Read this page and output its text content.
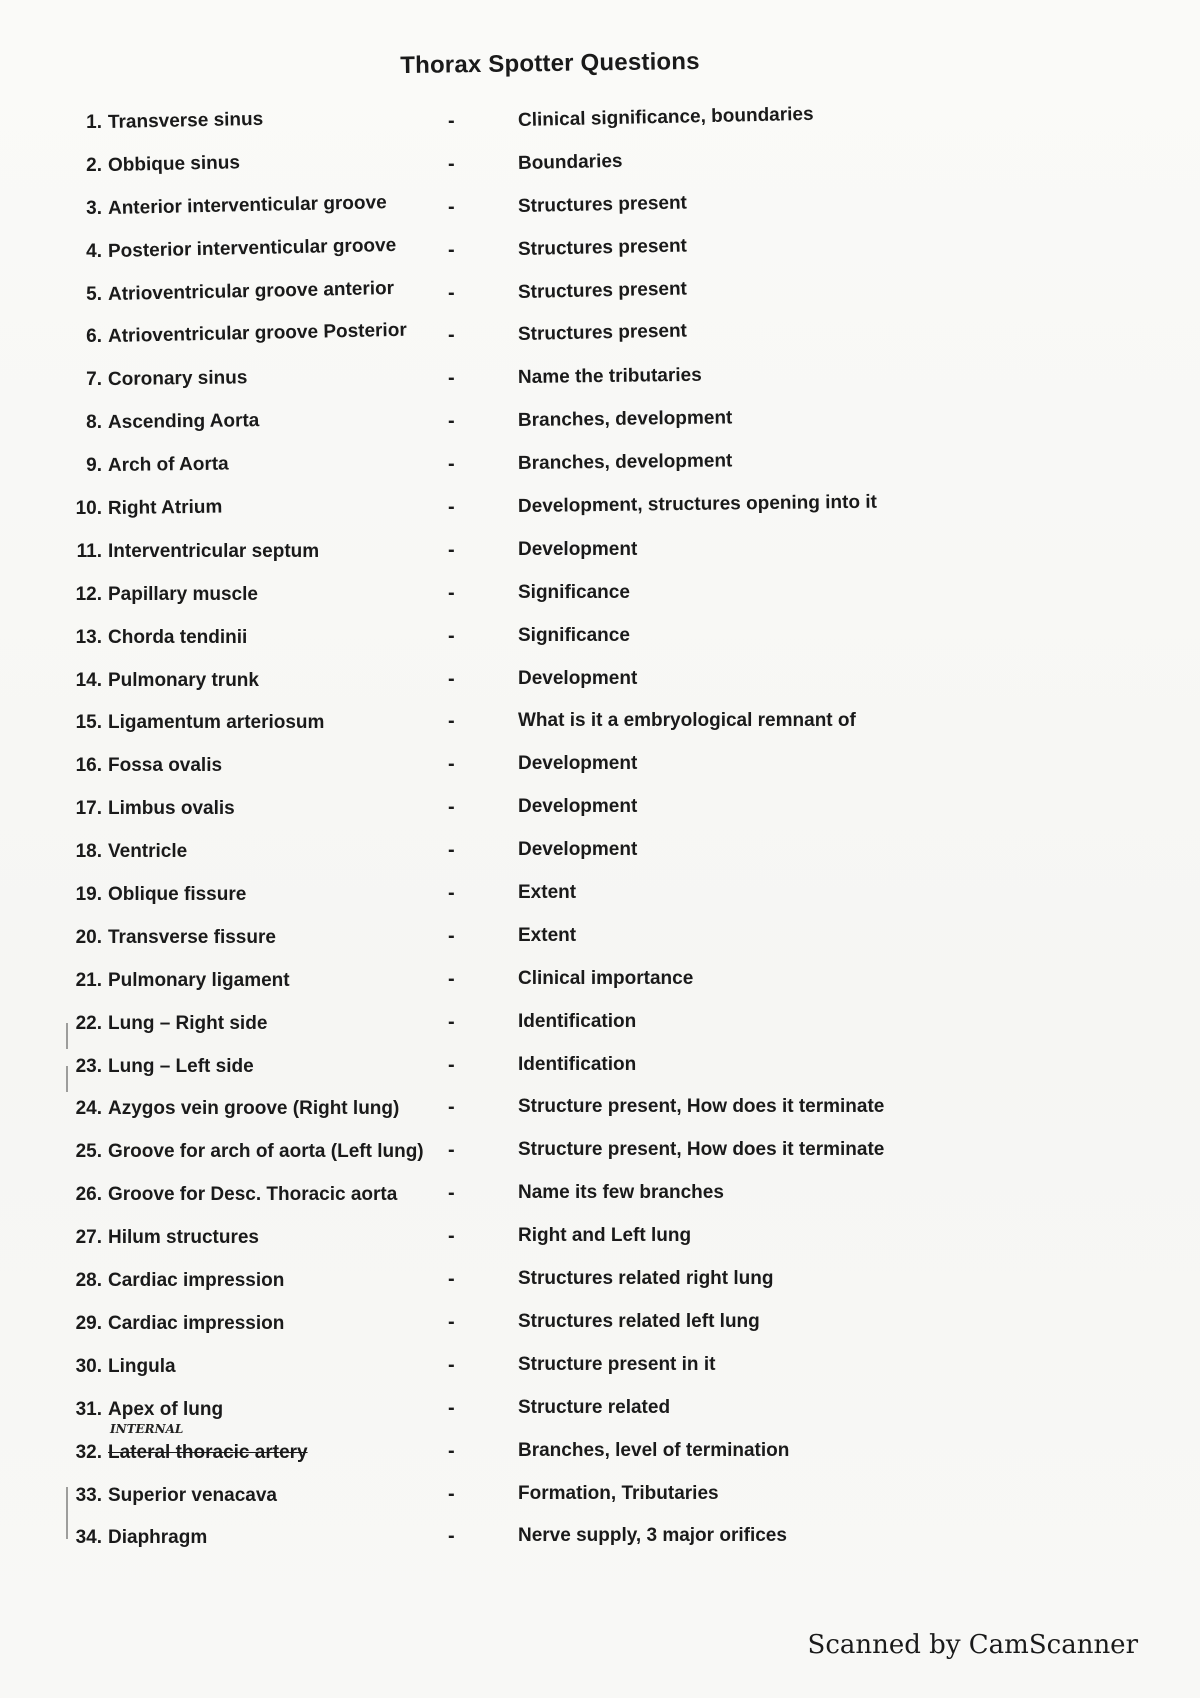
Thorax Spotter Questions
1. Transverse sinus	-	Clinical significance, boundaries
2. Obbique sinus	-	Boundaries
3. Anterior interventicular groove	-	Structures present
4. Posterior interventicular groove	-	Structures present
5. Atrioventricular groove anterior	-	Structures present
6. Atrioventricular groove Posterior -	Structures present
7. Coronary sinus	-	Name the tributaries
8. Ascending Aorta	-	Branches, development
9. Arch of Aorta	-	Branches, development
10. Right Atrium	-	Development, structures opening into it
11. Interventricular septum	-	Development
12. Papillary muscle	-	Significance
13. Chorda tendinii	-	Significance
14. Pulmonary trunk	-	Development
15. Ligamentum arteriosum	-	What is it a embryological remnant of
16. Fossa ovalis	-	Development
17. Limbus ovalis	-	Development
18. Ventricle	-	Development
19. Oblique fissure	-	Extent
20. Transverse fissure	-	Extent
21. Pulmonary ligament	-	Clinical importance
22. Lung – Right side	-	Identification
23. Lung – Left side	-	Identification
24. Azygos vein groove (Right lung) -	Structure present, How does it terminate
25. Groove for arch of aorta (Left lung) -	Structure present, How does it terminate
26. Groove for Desc. Thoracic aorta	-	Name its few branches
27. Hilum structures	-	Right and Left lung
28. Cardiac impression	-	Structures related right lung
29. Cardiac impression	-	Structures related left lung
30. Lingula	-	Structure present in it
31. Apex of lung	-	Structure related
32. Lateral thoracic artery	-	Branches, level of termination
INTERNAL
33. Superior venacava	-	Formation, Tributaries
34. Diaphragm	-	Nerve supply, 3 major orifices
Scanned by CamScanner
